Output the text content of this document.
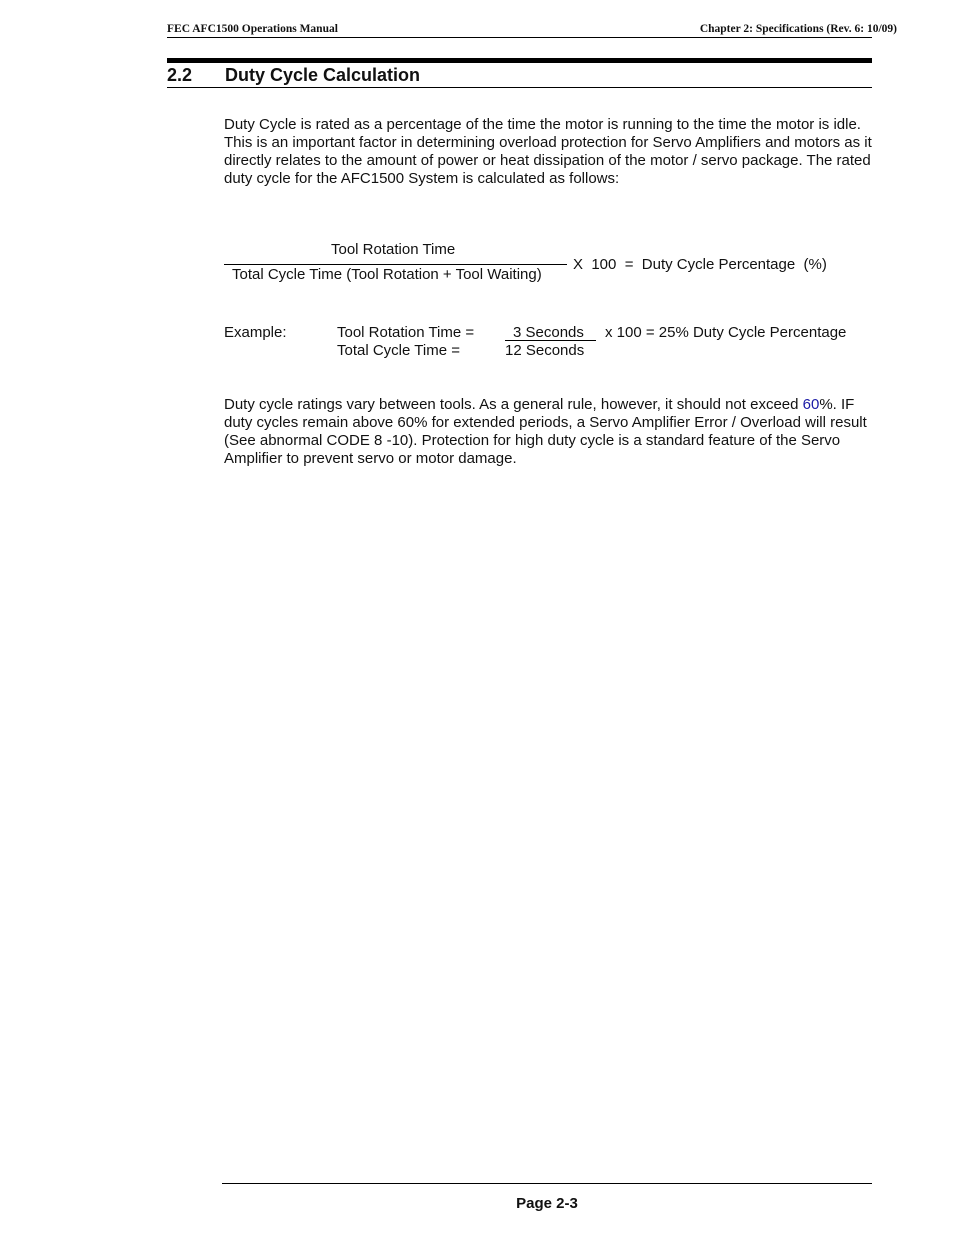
FEC AFC1500 Operations Manual	Chapter 2: Specifications (Rev. 6: 10/09)
2.2 Duty Cycle Calculation

Duty Cycle is rated as a percentage of the time the motor is running to the time the motor is idle. This is an important factor in determining overload protection for Servo Amplifiers and motors as it directly relates to the amount of power or heat dissipation of the motor / servo package. The rated duty cycle for the AFC1500 System is calculated as follows:

Tool Rotation Time
Total Cycle Time (Tool Rotation + Tool Waiting)
X  100  =  Duty Cycle Percentage  (%)
Example:	Tool Rotation Time =
Total Cycle Time =
3 Seconds
12 Seconds
x 100 = 25% Duty Cycle Percentage

Duty cycle ratings vary between tools. As a general rule, however, it should not exceed 60%. IF duty cycles remain above 60% for extended periods, a Servo Amplifier Error / Overload will result (See abnormal CODE 8 -10). Protection for high duty cycle is a standard feature of the Servo Amplifier to prevent servo or motor damage.

Page 2-3
